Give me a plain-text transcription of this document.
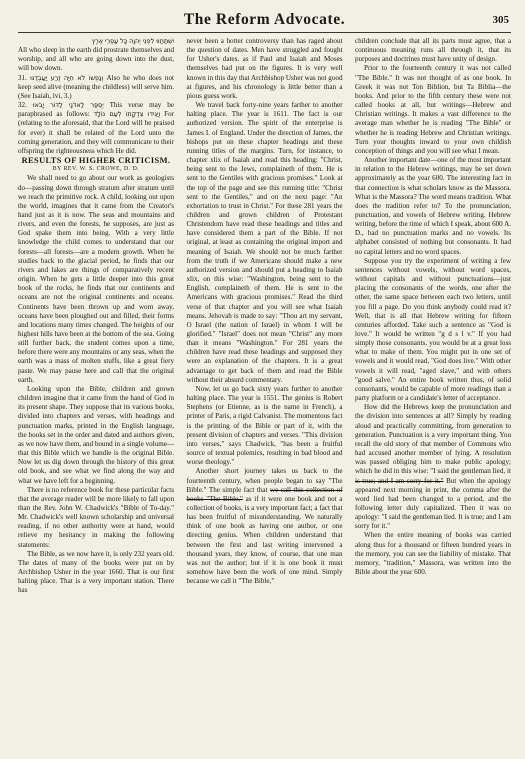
The Reform Advocate.	305

יִשְׁתַּחֲווּ לִפְנֵי יְהוָה כָּל עַפְרֵי אֶרֶץ

All who sleep in the earth did prostrate themselves and worship, and all who are going down into the dust, will bow down.

31. וְנַפְשׁוֹ לֹא חִיָּה זֶרַע יַעַבְדֶנּוּ Also he who does not keep seed alive (meaning the childless) will serve him. (See Isaiah, lvi, 3.)

32. יְסֻפַּר לַאדֹנָי לַדּוֹר יָבֹאוּ This verse may be paraphrased as follows: וְיַגִּידוּ צִדְקָתוֹ לְעַם נוֹלָד For (relating to the aforesaid, that the Lord will be praised for ever) it shall be related of the Lord unto the coming generation, and they will communicate to their offspring the righteousness which He did.

RESULTS OF HIGHER CRITICISM.

BY REV. W. S. CROWE, D. D.

We shall need to go about our work as geologists do—passing down through stratum after stratum until we reach the primitive rock. A child, looking out upon the world, imagines that it came from the Creator's hand just as it is now. The seas and mountains and rivers, and even the forests, he supposes, are just as God spake them into being. With a very little knowledge the child comes to understand that our forests—all forests—are a modern growth. When he studies back to the glacial period, he finds that our rivers and lakes are things of comparatively recent origin. When he gets a little deeper into this great book of the rocks, he finds that our continents and oceans are not the original continents and oceans. Continents have been thrown up and worn away, oceans have been ploughed out and filled, their forms and locations many times changed. The heights of our highest hills have been at the bottom of the sea. Going still further back, the student comes upon a time, before there were any mountains or any seas, when the earth was a mass of molten stuffs, like a great fiery paste. We may pause here and call that the original earth.

Looking upon the Bible, children and grown children imagine that it came from the hand of God in its present shape. They suppose that its various books, divided into chapters and verses, with headings and punctuation marks, printed in the English language, the books set in the order and dated and authors given, as we now have them, and bound in a single volume—that this Bible which we handle is the original Bible. Now let us dig down through the history of this great old book, and see what we find along the way and what we have left for a beginning.

There is no reference book for these particular facts that the average reader will be more likely to fall upon than the Rev. John W. Chadwick's "Bible of To-day." Mr. Chadwick's well known scholarship and universal reading, if no other authority were at hand, would relieve my hesitancy in making the following statements:

The Bible, as we now have it, is only 232 years old. The dates of many of the books were put on by Archbishop Usher in the year 1660. That is our first halting place. That is a very important station. There has

never been a hotter controversy than has raged about the question of dates. Men have struggled and fought for Usher's dates, as if Paul and Isaiah and Moses themselves had put on the figures. It is very well known in this day that Archbishop Usher was not good at figures, and his chronology is little better than a pious guess work.

We travel back forty-nine years farther to another halting place. The year is 1611. The fact is our authorized version. The spirit of the enterprise is James I. of England. Under the direction of James, the bishops put on these chapter headings and these running titles of the margins. Turn, for instance, to chapter xlix of Isaiah and read this heading: "Christ, being sent to the Jews, complaineth of them. He is sent to the Gentiles with gracious promises." Look at the top of the page and see this running title: "Christ sent to the Gentiles," and on the next page: "An exhortation to trust in Christ." For these 281 years the children and grown children of Protestant Christendom have read these headings and titles and have considered them a part of the Bible. If not original, at least as containing the original import and meaning of Isaiah. We should not be much farther from the truth if we Americans should make a new authorized version and should put a heading to Isaiah xlix, on this wise: "Washington, being sent to the English, complaineth of them. He is sent to the Americans with gracious promises." Read the third verse of that chapter and you will see what Isaiah means. Jehovah is made to say: "Thou art my servant, O Israel (the nation of Israel) in whom I will be glorified." "Israel" does not mean "Christ" any more than it means "Washington." For 281 years the children have read these headings and supposed they were an explanation of the chapters. It is a great advantage to get back of them and read the Bible without their absurd commentary.

Now, let us go back sixty years further to another halting place. The year is 1551. The genius is Robert Stephens (or Etienne, as is the name in French), a printer of Paris, a rigid Calvanist. The momentous fact is the printing of the Bible or part of it, with the present division of chapters and verses. "This division into verses," says Chadwick, "has been a fruitful source of textual polemics, resulting in bad blood and worse theology."

Another short journey takes us back to the fourteenth century, when people began to say "The Bible." The simple fact that we call this collection of books "The Bible," as if it were one book and not a collection of books, is a very important fact; a fact that has been fruitful of misunderstanding. We naturally think of one book as having one author, or one directing genius. When children understand that between the first and last writing intervened a thousand years, they know, of course, that one man was not the author; but if it is one book it must somehow have been the work of one mind. Simply because we call it "The Bible,"

children conclude that all its parts must agree, that a continuous meaning runs all through it, that its purposes and doctrines must have unity of design.

Prior to the fourteenth century it was not called "The Bible." It was not thought of as one book. In Greek it was not Ton Biblion, but Ta Biblia—the books. And prior to the fifth century these were not called books at all, but writings—Hebrew and Christian writings. It makes a vast difference to the average man whether he is reading "The Bible" or whether he is reading Hebrew and Christian writings. Turn your thoughts inward to your own childish conception of things and you will see what I mean.

Another important date—one of the most important in relation to the Hebrew writings, may be set down approximately as the year 600. The interesting fact in that connection is what scholars know as the Massora. What is the Massora? The word means tradition. What does the tradition refer to? To the pronunciation, punctuation, and vowels of Hebrew writing. Hebrew writing, before the time of which I speak, about 600 A. D., had no punctuation marks and no vowels. Its alphabet consisted of nothing but consonants. It had no capital letters and no word spaces.

Suppose you try the experiment of writing a few sentences without vowels, without word spaces, without capitals and without punctuations—just placing the consonants of the words, one after the other, the same space between each two letters, until you fill a page. Do you think anybody could read it? Well, that is all that Hebrew writing for fifteen centuries afforded. Take such a sentence as "God is love." It would be written "g d s l v." If you had simply those consonants, you would be at a great loss what to make of them. You might put in one set of vowels and it would read, "God does live." With other vowels it will read, "aged slave," and with others "good salve." An entire book written thus, of solid consonants, would be capable of more readings than a party platform or a candidate's letter of acceptance.

How did the Hebrews keep the pronunciation and the division into sentences at all? Simply by reading aloud and practically committing, from generation to generation. Punctuation is a very important thing. You recall the old story of that member of Commons who had accused another member of lying. A resolution was passed obliging him to make public apology; which he did in this wise: "I said the gentleman lied, it is true; and I am sorry for it." But when the apology appeared next morning in print, the comma after the word lied had been changed to a period, and the following letter duly capitalized. Then it was no apology: "I said the gentleman lied. It is true; and I am sorry for it."

When the entire meaning of books was carried along thus for a thousand or fifteen hundred years in the memory, you can see the liability of mistake. That memory, "tradition," Massora, was written into the Bible about the year 600.
